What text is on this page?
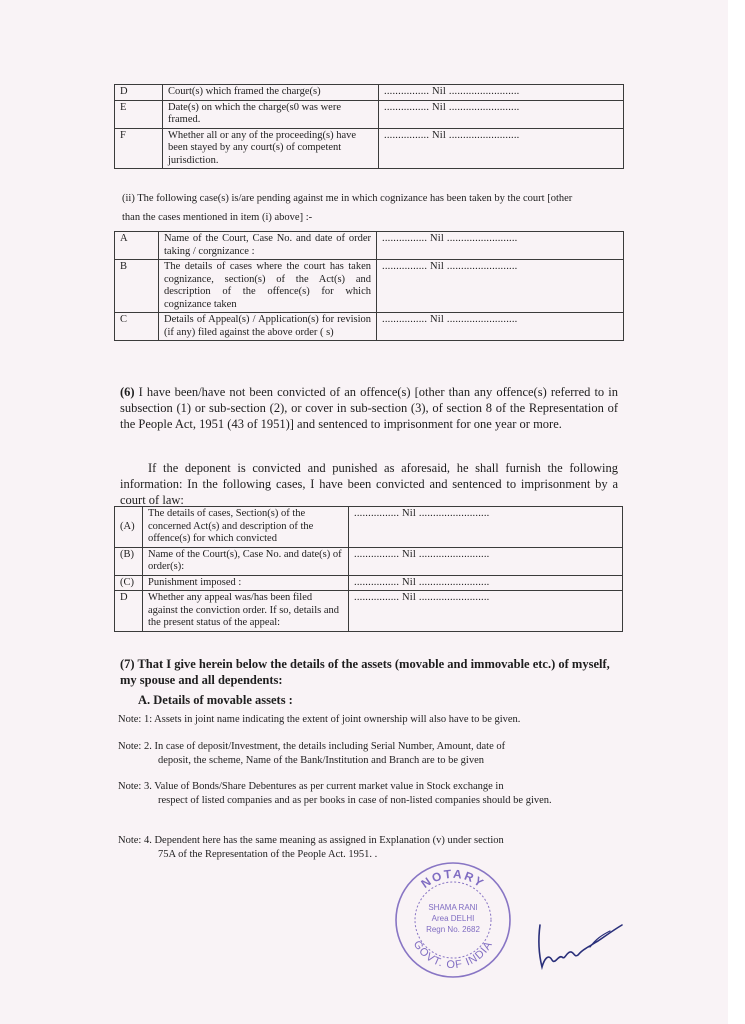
D	Court(s) which framed the charge(s)	................ Nil .........................
E	Date(s) on which the charge(s0 was were framed.	................ Nil .........................
F	Whether all or any of the proceeding(s) have been stayed by any court(s) of competent jurisdiction.	................ Nil .........................
(ii) The following case(s) is/are pending against me in which cognizance has been taken by the court [other
than the cases mentioned in item (i) above] :-
A	Name of the Court, Case No. and date of order taking / corgnizance :	................ Nil .........................
B	The details of cases where the court has taken cognizance, section(s) of the Act(s) and description of the offence(s) for which cognizance taken	................ Nil .........................
C	Details of Appeal(s) / Application(s) for revision (if any) filed against the above order ( s)	................ Nil .........................
(6) I have been/have not been convicted of an offence(s) [other than any offence(s) referred to in subsection (1) or sub-section (2), or cover in sub-section (3), of section 8 of the Representation of the People Act, 1951 (43 of 1951)] and sentenced to imprisonment for one year or more.
If the deponent is convicted and punished as aforesaid, he shall furnish the following information: In the following cases, I have been convicted and sentenced to imprisonment by a court of law:
(A)	The details of cases, Section(s) of the concerned Act(s) and description of the offence(s) for which convicted	................ Nil .........................
(B)	Name of the Court(s), Case No. and date(s) of order(s):	................ Nil .........................
(C)	Punishment imposed :	................ Nil .........................
D	Whether any appeal was/has been filed against the conviction order. If so, details and the present status of the appeal:	................ Nil .........................
(7) That I give herein below the details of the assets (movable and immovable etc.) of myself, my spouse and all dependents:
A. Details of movable assets :
Note: 1: Assets in joint name indicating the extent of joint ownership will also have to be given.
Note: 2. In case of deposit/Investment, the details including Serial Number, Amount, date of
deposit, the scheme, Name of the Bank/Institution and Branch are to be given
Note: 3. Value of Bonds/Share Debentures as per current market value in Stock exchange in
respect of listed companies and as per books in case of non-listed companies should be given.
Note: 4. Dependent here has the same meaning as assigned in Explanation (v) under section
75A of the Representation of the People Act. 1951. .
NOTARY
GOVT. OF INDIA
SHAMA RANI
Area DELHI
Regn No. 2682
